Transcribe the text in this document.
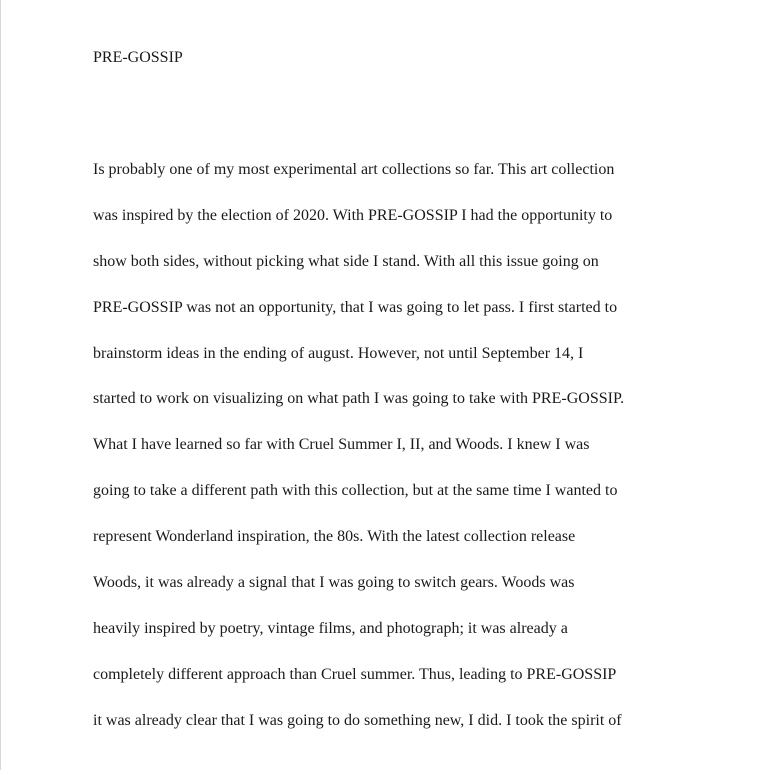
PRE-GOSSIP
Is probably one of my most experimental art collections so far. This art collection
was inspired by the election of 2020. With PRE-GOSSIP I had the opportunity to
show both sides, without picking what side I stand. With all this issue going on
PRE-GOSSIP was not an opportunity, that I was going to let pass. I first started to
brainstorm ideas in the ending of august. However, not until September 14, I
started to work on visualizing on what path I was going to take with PRE-GOSSIP.
What I have learned so far with Cruel Summer I, II, and Woods. I knew I was
going to take a different path with this collection, but at the same time I wanted to
represent Wonderland inspiration, the 80s. With the latest collection release
Woods, it was already a signal that I was going to switch gears. Woods was
heavily inspired by poetry, vintage films, and photograph; it was already a
completely different approach than Cruel summer. Thus, leading to PRE-GOSSIP
it was already clear that I was going to do something new, I did. I took the spirit of
